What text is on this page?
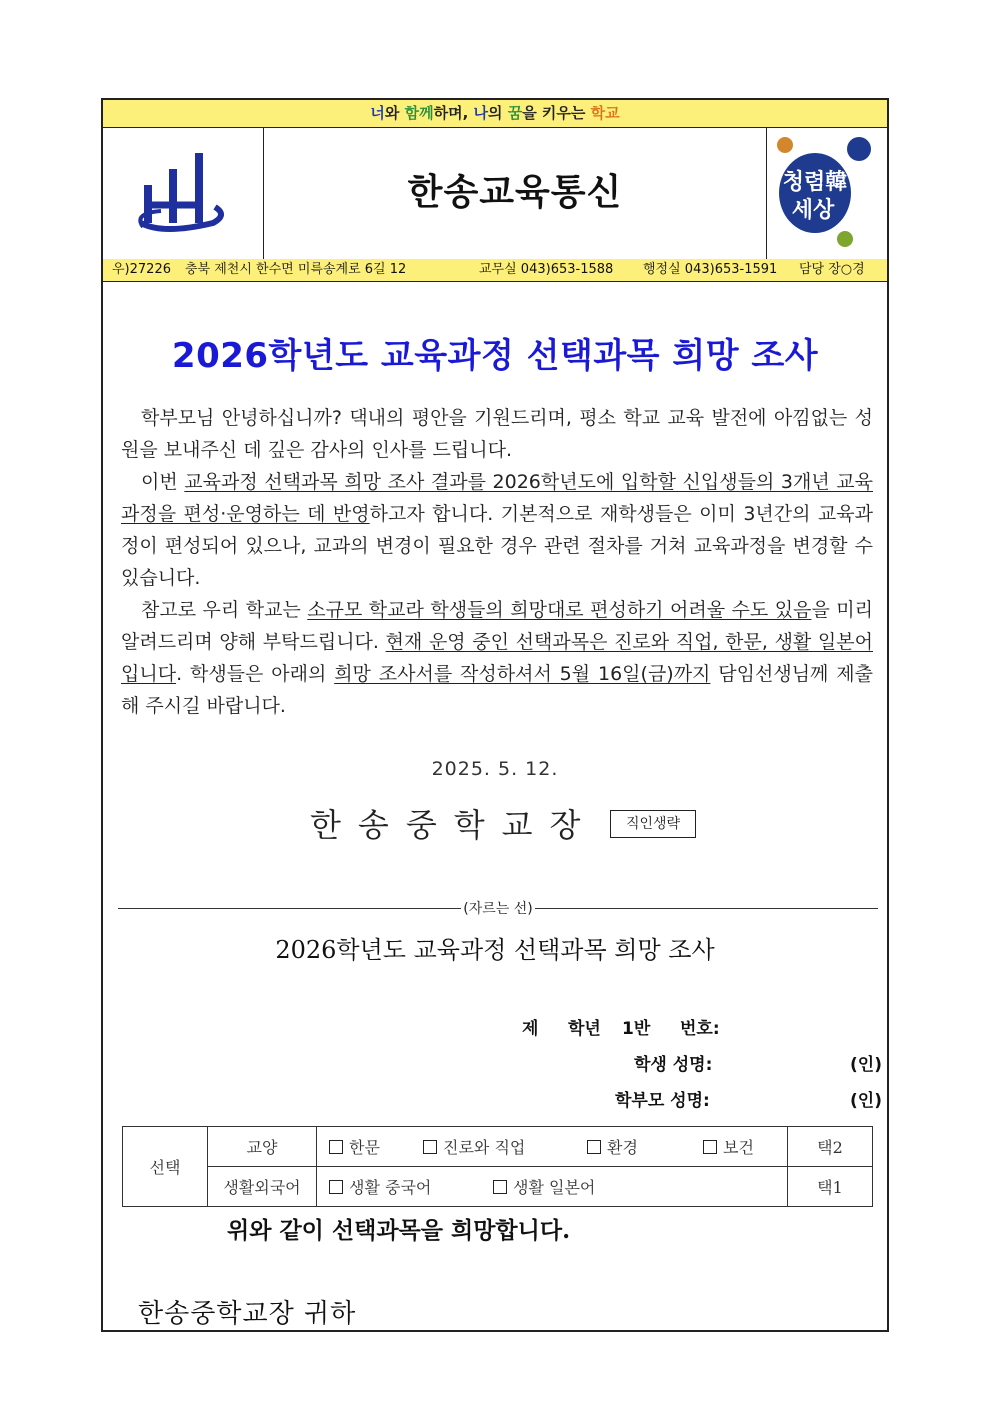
너와 함께하며, 나의 꿈을 키우는 학교
한송교육통신	청렴韓
세상
우)27226 충북 제천시 한수면 미륵송계로 6길 12	교무실 043)653-1588 행정실 043)653-1591 담당 장○경
2026학년도 교육과정 선택과목 희망 조사

학부모님 안녕하십니까? 댁내의 평안을 기원드리며, 평소 학교 교육 발전에 아낌없는 성원을 보내주신 데 깊은 감사의 인사를 드립니다.

이번 교육과정 선택과목 희망 조사 결과를 2026학년도에 입학할 신입생들의 3개년 교육과정을 편성·운영하는 데 반영하고자 합니다. 기본적으로 재학생들은 이미 3년간의 교육과정이 편성되어 있으나, 교과의 변경이 필요한 경우 관련 절차를 거쳐 교육과정을 변경할 수 있습니다.

참고로 우리 학교는 소규모 학교라 학생들의 희망대로 편성하기 어려울 수도 있음을 미리 알려드리며 양해 부탁드립니다. 현재 운영 중인 선택과목은 진로와 직업, 한문, 생활 일본어입니다. 학생들은 아래의 희망 조사서를 작성하셔서 5월 16일(금)까지 담임선생님께 제출해 주시길 바랍니다.

2025. 5. 12.
한송중학교장	직인생략
(자르는 선)
2026학년도 교육과정 선택과목 희망 조사
제 학년 1반 번호:
학생 성명:	(인)
학부모 성명:	(인)
선택	교양	한문 진로와 직업 환경 보건	택2
	생활외국어	생활 중국어 생활 일본어	택1
위와 같이 선택과목을 희망합니다.
한송중학교장 귀하
